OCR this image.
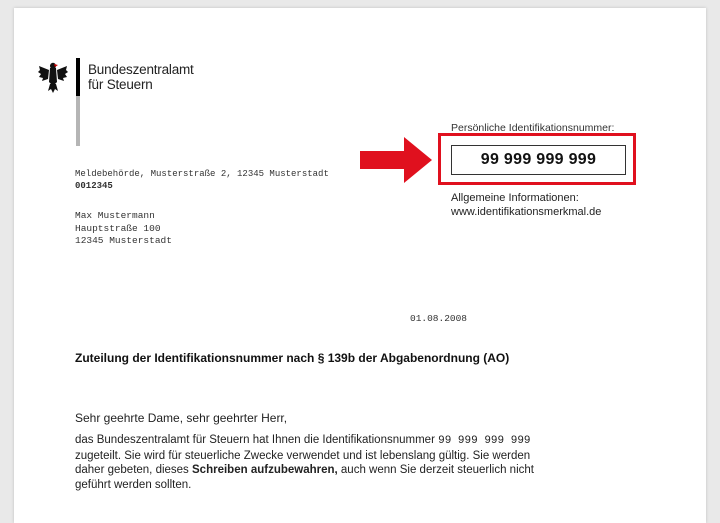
Bundeszentralamt
für Steuern
Meldebehörde, Musterstraße 2, 12345 Musterstadt
0012345
Max Mustermann
Hauptstraße 100
12345 Musterstadt
Persönliche Identifikationsnummer:
99 999 999 999
Allgemeine Informationen:
www.identifikationsmerkmal.de
01.08.2008
Zuteilung der Identifikationsnummer nach § 139b der Abgabenordnung (AO)
Sehr geehrte Dame, sehr geehrter Herr,
das Bundeszentralamt für Steuern hat Ihnen die Identifikationsnummer 99 999 999 999
zugeteilt. Sie wird für steuerliche Zwecke verwendet und ist lebenslang gültig. Sie werden
daher gebeten, dieses Schreiben aufzubewahren, auch wenn Sie derzeit steuerlich nicht
geführt werden sollten.
